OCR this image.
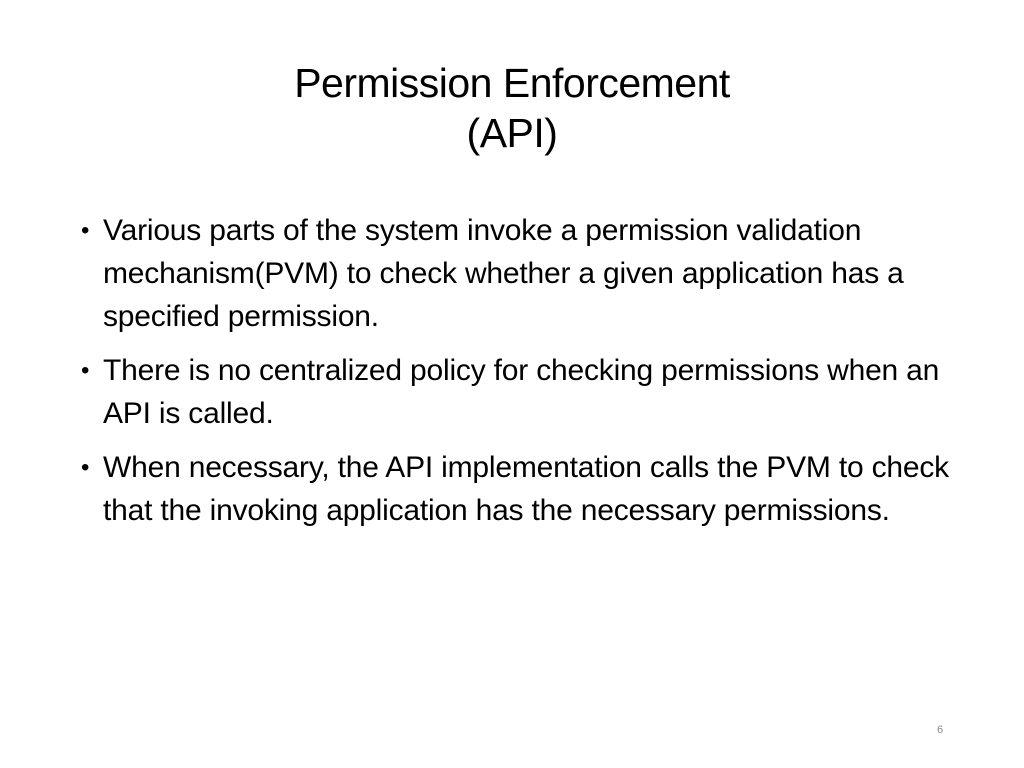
Permission Enforcement
(API)
• Various parts of the system invoke a permission validation mechanism(PVM) to check whether a given application has a specified permission.
• There is no centralized policy for checking permissions when an API is called.
• When necessary, the API implementation calls the PVM to check that the invoking application has the necessary permissions.
6
